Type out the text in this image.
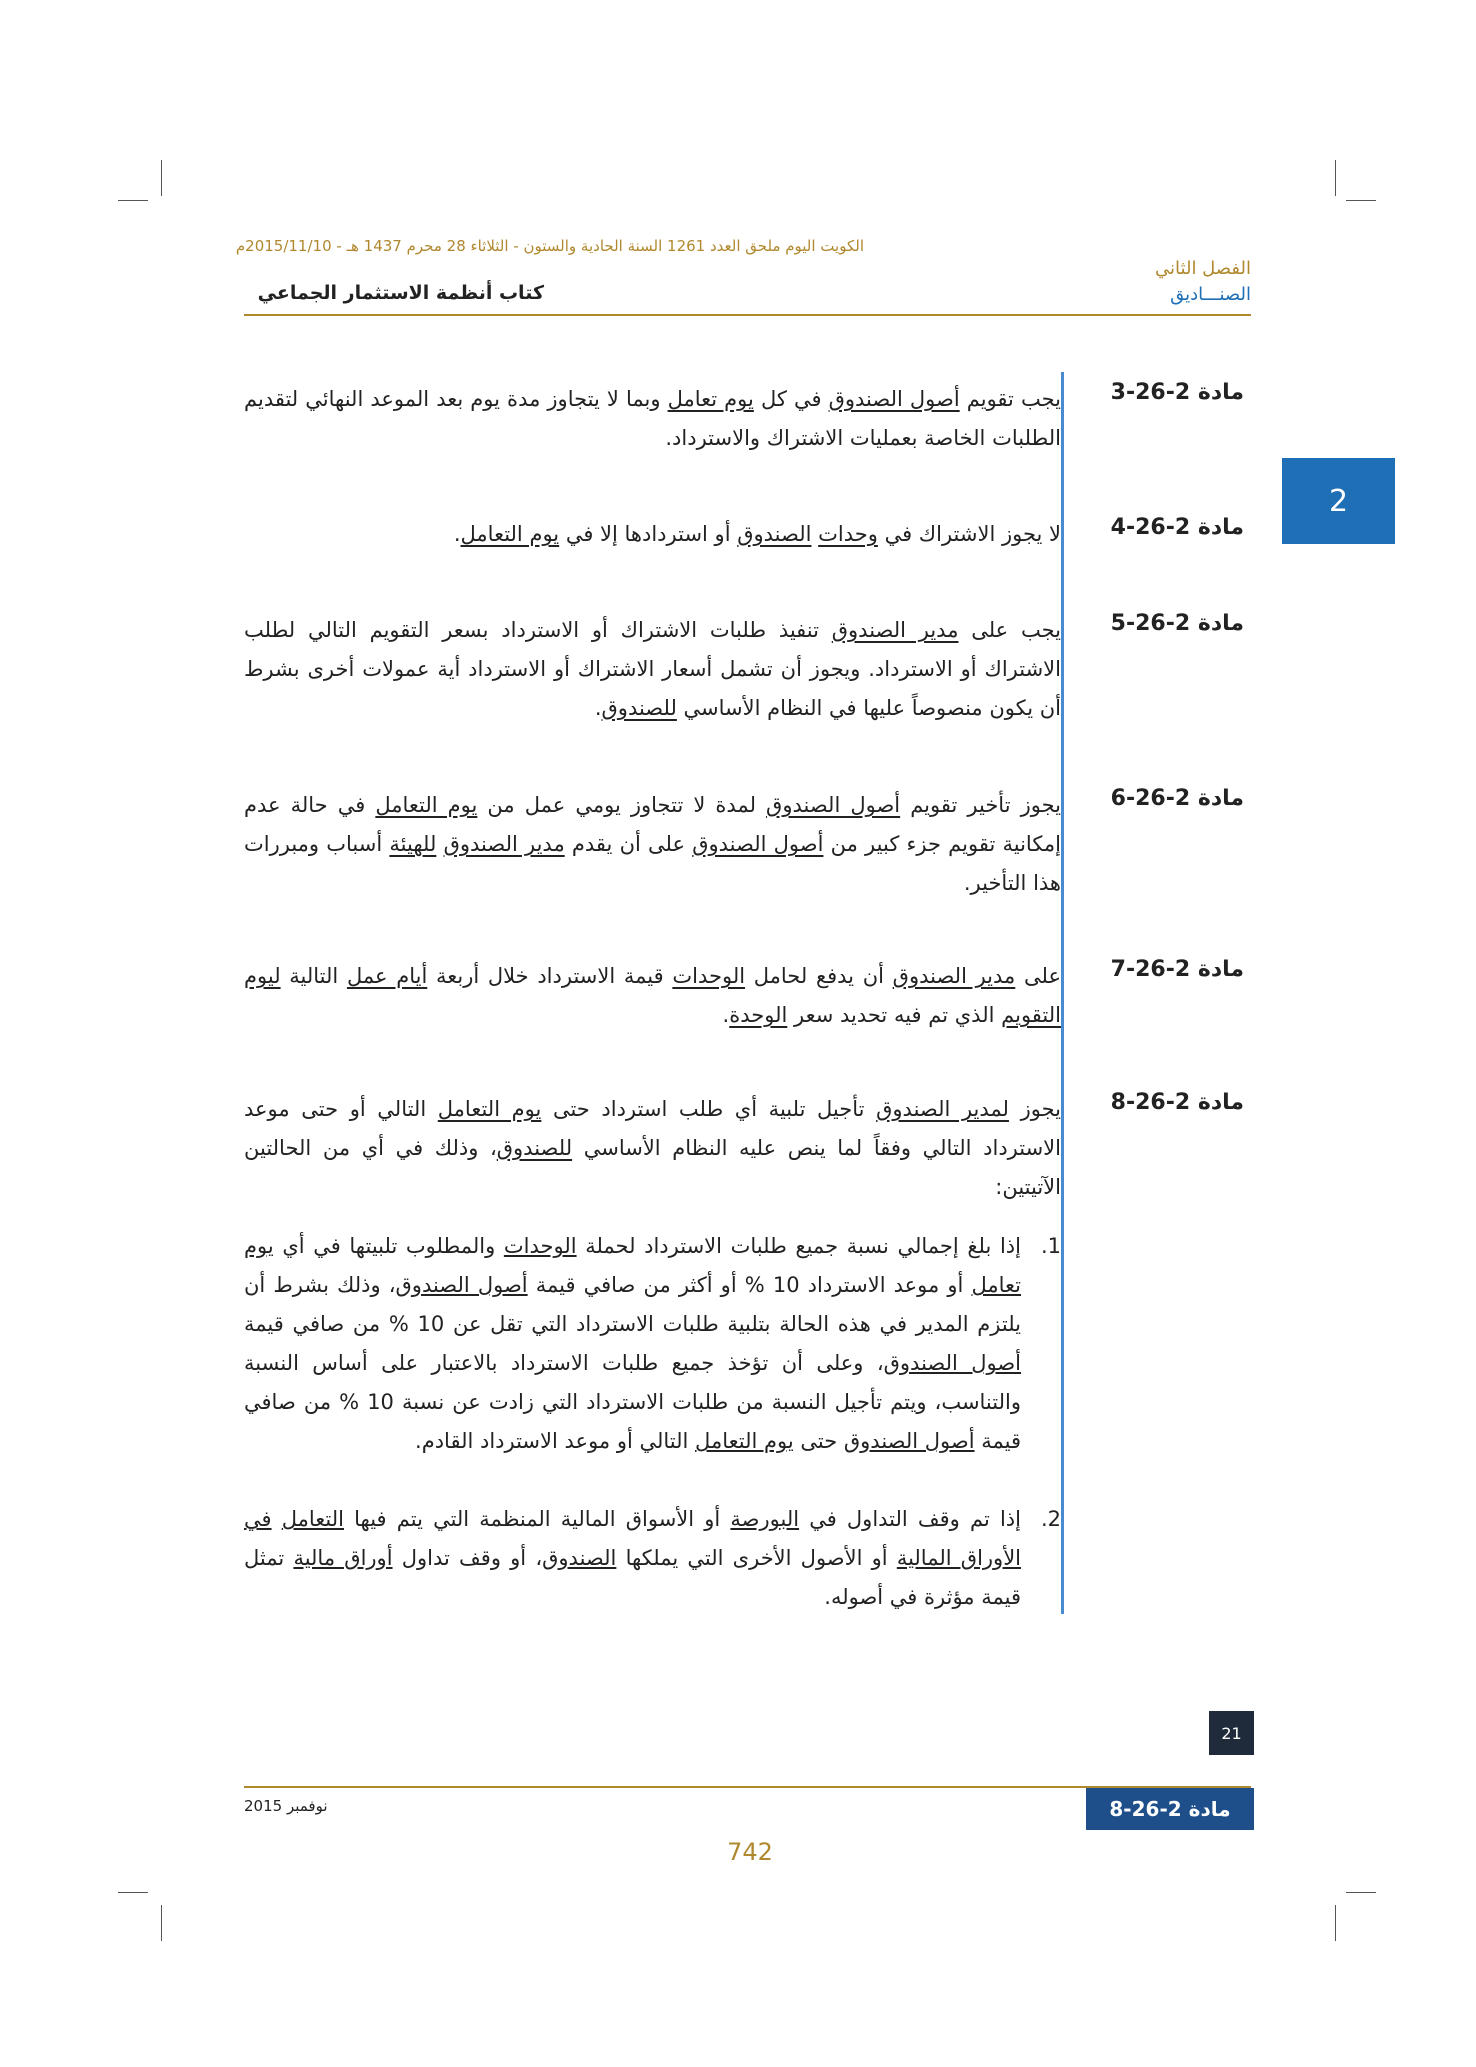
الكويت اليوم ملحق العدد 1261 السنة الحادية والستون - الثلاثاء 28 محرم 1437 هـ - 2015/11/10م
الفصل الثاني
الصنـــاديق
كتاب أنظمة الاستثمار الجماعي
2
مادة 2-26-3
يجب تقويم أصول الصندوق في كل يوم تعامل وبما لا يتجاوز مدة يوم بعد الموعد النهائي لتقديم الطلبات الخاصة بعمليات الاشتراك والاسترداد.
مادة 2-26-4
لا يجوز الاشتراك في وحدات الصندوق أو استردادها إلا في يوم التعامل.
مادة 2-26-5
يجب على مدير الصندوق تنفيذ طلبات الاشتراك أو الاسترداد بسعر التقويم التالي لطلب الاشتراك أو الاسترداد. ويجوز أن تشمل أسعار الاشتراك أو الاسترداد أية عمولات أخرى بشرط أن يكون منصوصاً عليها في النظام الأساسي للصندوق.
مادة 2-26-6
يجوز تأخير تقويم أصول الصندوق لمدة لا تتجاوز يومي عمل من يوم التعامل في حالة عدم إمكانية تقويم جزء كبير من أصول الصندوق على أن يقدم مدير الصندوق للهيئة أسباب ومبررات هذا التأخير.
مادة 2-26-7
على مدير الصندوق أن يدفع لحامل الوحدات قيمة الاسترداد خلال أربعة أيام عمل التالية ليوم التقويم الذي تم فيه تحديد سعر الوحدة.
مادة 2-26-8
يجوز لمدير الصندوق تأجيل تلبية أي طلب استرداد حتى يوم التعامل التالي أو حتى موعد الاسترداد التالي وفقاً لما ينص عليه النظام الأساسي للصندوق، وذلك في أي من الحالتين الآتيتين:
1.
إذا بلغ إجمالي نسبة جميع طلبات الاسترداد لحملة الوحدات والمطلوب تلبيتها في أي يوم تعامل أو موعد الاسترداد 10 % أو أكثر من صافي قيمة أصول الصندوق، وذلك بشرط أن يلتزم المدير في هذه الحالة بتلبية طلبات الاسترداد التي تقل عن 10 % من صافي قيمة أصول الصندوق، وعلى أن تؤخذ جميع طلبات الاسترداد بالاعتبار على أساس النسبة والتناسب، ويتم تأجيل النسبة من طلبات الاسترداد التي زادت عن نسبة 10 % من صافي قيمة أصول الصندوق حتى يوم التعامل التالي أو موعد الاسترداد القادم.
2.
إذا تم وقف التداول في البورصة أو الأسواق المالية المنظمة التي يتم فيها التعامل في الأوراق المالية أو الأصول الأخرى التي يملكها الصندوق، أو وقف تداول أوراق مالية تمثل قيمة مؤثرة في أصوله.
21
نوفمبر 2015	مادة 2-26-8
742
